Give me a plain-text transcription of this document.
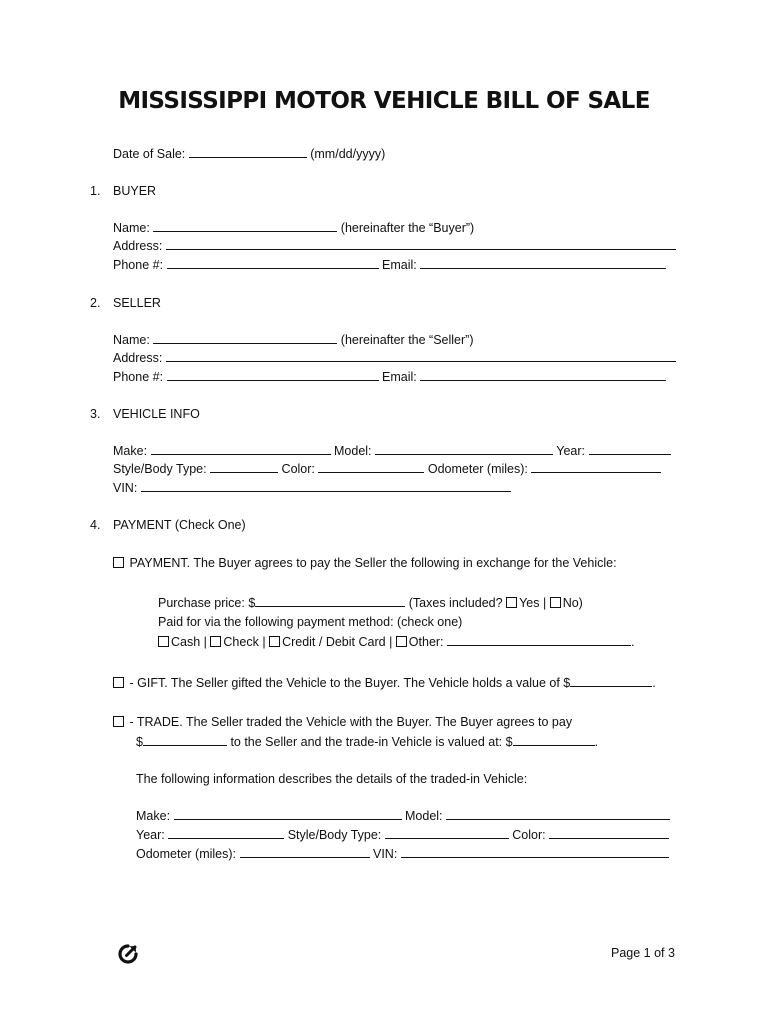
MISSISSIPPI MOTOR VEHICLE BILL OF SALE
Date of Sale:	(mm/dd/yyyy)
1. BUYER
Name:	(hereinafter the “Buyer”)
Address:
Phone #:	Email:
2. SELLER
Name:	(hereinafter the “Seller”)
Address:
Phone #:	Email:
3. VEHICLE INFO
Make:	Model:	Year:
Style/Body Type:	Color:	Odometer (miles):
VIN:
4. PAYMENT (Check One)
PAYMENT. The Buyer agrees to pay the Seller the following in exchange for the Vehicle:
Purchase price: $	(Taxes included? Yes | No)
Paid for via the following payment method: (check one)
Cash | Check | Credit / Debit Card | Other:	.
- GIFT. The Seller gifted the Vehicle to the Buyer. The Vehicle holds a value of $	.
- TRADE. The Seller traded the Vehicle with the Buyer. The Buyer agrees to pay
$	to the Seller and the trade-in Vehicle is valued at: $	.
The following information describes the details of the traded-in Vehicle:
Make:	Model:
Year:	Style/Body Type:	Color:
Odometer (miles):	VIN:
Page 1 of 3
